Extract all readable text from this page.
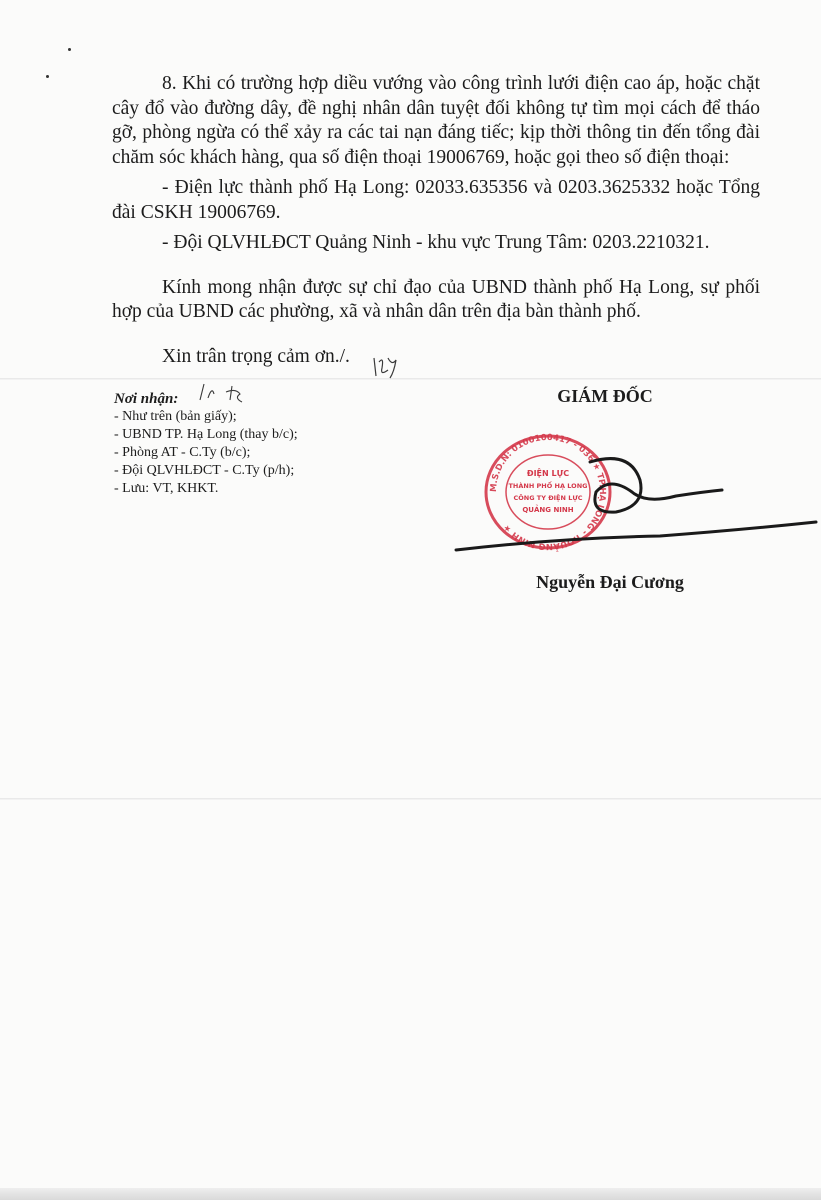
8. Khi có trường hợp diều vướng vào công trình lưới điện cao áp, hoặc chặt cây đổ vào đường dây, đề nghị nhân dân tuyệt đối không tự tìm mọi cách để tháo gỡ, phòng ngừa có thể xảy ra các tai nạn đáng tiếc; kịp thời thông tin đến tổng đài chăm sóc khách hàng, qua số điện thoại 19006769, hoặc gọi theo số điện thoại:

- Điện lực thành phố Hạ Long: 02033.635356 và 0203.3625332 hoặc Tổng đài CSKH 19006769.

- Đội QLVHLĐCT Quảng Ninh - khu vực Trung Tâm: 0203.2210321.

Kính mong nhận được sự chỉ đạo của UBND thành phố Hạ Long, sự phối hợp của UBND các phường, xã và nhân dân trên địa bàn thành phố.

Xin trân trọng cảm ơn./.

Nơi nhận:
- Như trên (bản giấy);
- UBND TP. Hạ Long (thay b/c);
- Phòng AT - C.Ty (b/c);
- Đội QLVHLĐCT - C.Ty (p/h);
- Lưu: VT, KHKT.
GIÁM ĐỐC
M.S.D.N: 0100100417 - 036 ★ TP.HẠ LONG - T.QUẢNG NINH ★
ĐIỆN LỰC
THÀNH PHỐ HẠ LONG
CÔNG TY ĐIỆN LỰC
QUẢNG NINH
Nguyễn Đại Cương
